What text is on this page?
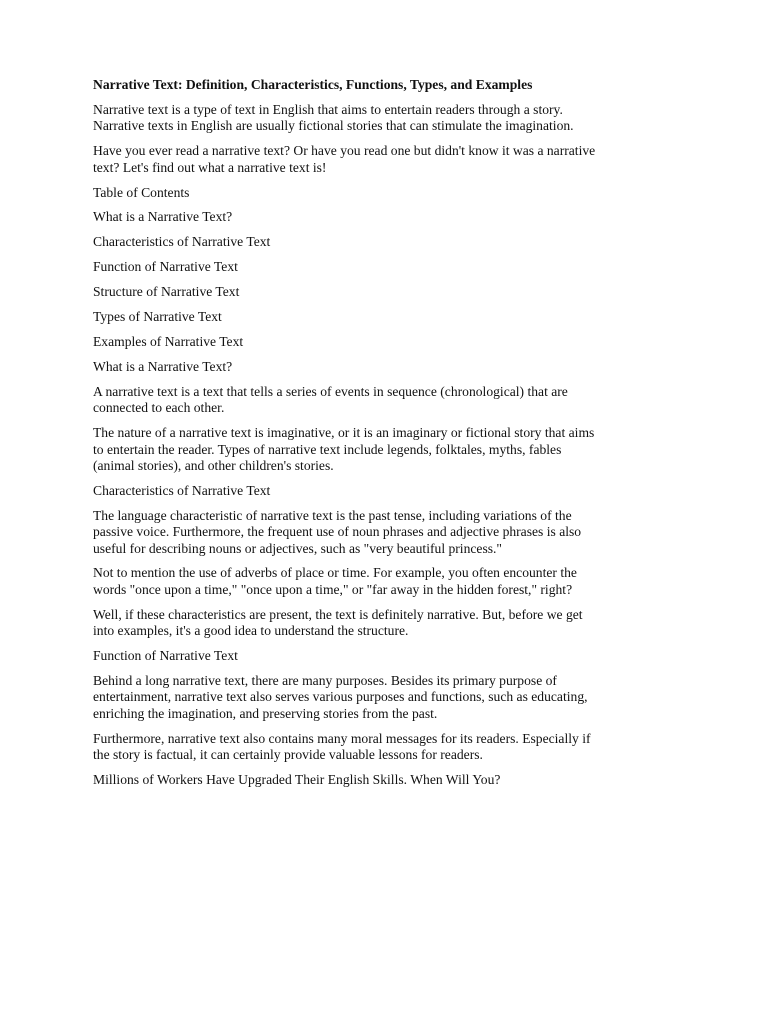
Narrative Text: Definition, Characteristics, Functions, Types, and Examples

Narrative text is a type of text in English that aims to entertain readers through a story.
Narrative texts in English are usually fictional stories that can stimulate the imagination.

Have you ever read a narrative text? Or have you read one but didn't know it was a narrative
text? Let's find out what a narrative text is!

Table of Contents

What is a Narrative Text?

Characteristics of Narrative Text

Function of Narrative Text

Structure of Narrative Text

Types of Narrative Text

Examples of Narrative Text

What is a Narrative Text?

A narrative text is a text that tells a series of events in sequence (chronological) that are
connected to each other.

The nature of a narrative text is imaginative, or it is an imaginary or fictional story that aims
to entertain the reader. Types of narrative text include legends, folktales, myths, fables
(animal stories), and other children's stories.

Characteristics of Narrative Text

The language characteristic of narrative text is the past tense, including variations of the
passive voice. Furthermore, the frequent use of noun phrases and adjective phrases is also
useful for describing nouns or adjectives, such as "very beautiful princess."

Not to mention the use of adverbs of place or time. For example, you often encounter the
words "once upon a time," "once upon a time," or "far away in the hidden forest," right?

Well, if these characteristics are present, the text is definitely narrative. But, before we get
into examples, it's a good idea to understand the structure.

Function of Narrative Text

Behind a long narrative text, there are many purposes. Besides its primary purpose of
entertainment, narrative text also serves various purposes and functions, such as educating,
enriching the imagination, and preserving stories from the past.

Furthermore, narrative text also contains many moral messages for its readers. Especially if
the story is factual, it can certainly provide valuable lessons for readers.

Millions of Workers Have Upgraded Their English Skills. When Will You?
